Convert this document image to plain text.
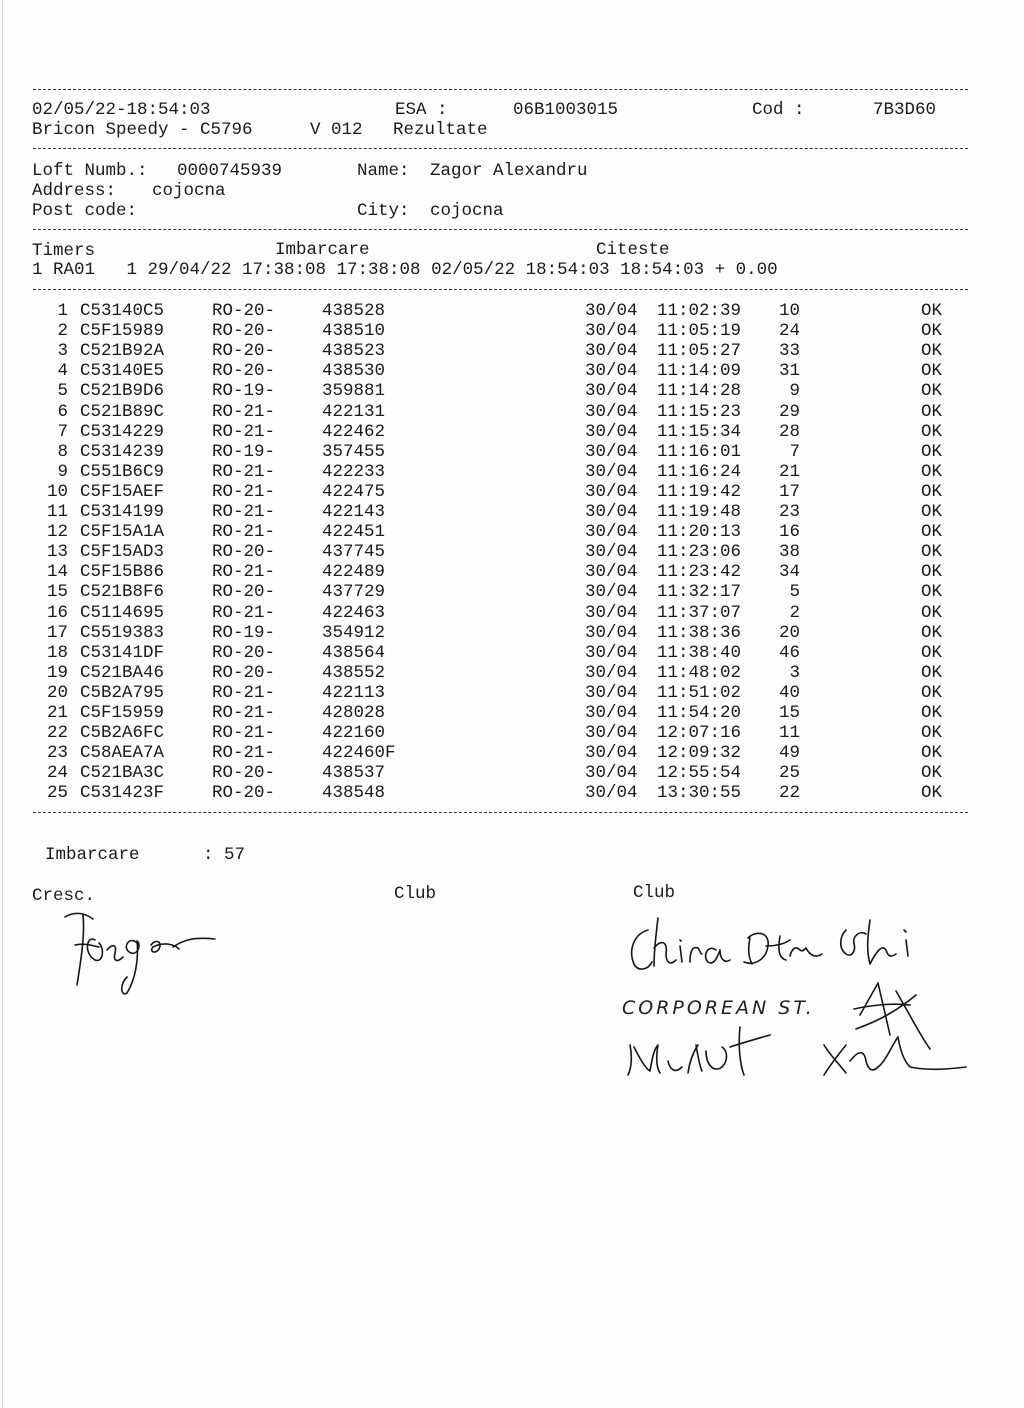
02/05/22-18:54:03	ESA :	06B1003015	Cod :	7B3D60
Bricon Speedy - C5796	V 012 Rezultate
Loft Numb.: 0000745939	Name: Zagor Alexandru
Address: cojocna
Post code:	City: cojocna
Timers	Imbarcare	Citeste
1 RA01   1 29/04/22 17:38:08 17:38:08 02/05/22 18:54:03 18:54:03 + 0.00
1 C53140C5	RO-20-	438528	30/04 11:02:39	10	OK
2 C5F15989	RO-20-	438510	30/04 11:05:19	24	OK
3 C521B92A	RO-20-	438523	30/04 11:05:27	33	OK
4 C53140E5	RO-20-	438530	30/04 11:14:09	31	OK
5 C521B9D6	RO-19-	359881	30/04 11:14:28	9	OK
6 C521B89C	RO-21-	422131	30/04 11:15:23	29	OK
7 C5314229	RO-21-	422462	30/04 11:15:34	28	OK
8 C5314239	RO-19-	357455	30/04 11:16:01	7	OK
9 C551B6C9	RO-21-	422233	30/04 11:16:24	21	OK
10 C5F15AEF	RO-21-	422475	30/04 11:19:42	17	OK
11 C5314199	RO-21-	422143	30/04 11:19:48	23	OK
12 C5F15A1A	RO-21-	422451	30/04 11:20:13	16	OK
13 C5F15AD3	RO-20-	437745	30/04 11:23:06	38	OK
14 C5F15B86	RO-21-	422489	30/04 11:23:42	34	OK
15 C521B8F6	RO-20-	437729	30/04 11:32:17	5	OK
16 C5114695	RO-21-	422463	30/04 11:37:07	2	OK
17 C5519383	RO-19-	354912	30/04 11:38:36	20	OK
18 C53141DF	RO-20-	438564	30/04 11:38:40	46	OK
19 C521BA46	RO-20-	438552	30/04 11:48:02	3	OK
20 C5B2A795	RO-21-	422113	30/04 11:51:02	40	OK
21 C5F15959	RO-21-	428028	30/04 11:54:20	15	OK
22 C5B2A6FC	RO-21-	422160	30/04 12:07:16	11	OK
23 C58AEA7A	RO-21-	422460F	30/04 12:09:32	49	OK
24 C521BA3C	RO-20-	438537	30/04 12:55:54	25	OK
25 C531423F	RO-20-	438548	30/04 13:30:55	22	OK
Imbarcare	: 57
Cresc.	Club	Club
CORPOREAN ST.
